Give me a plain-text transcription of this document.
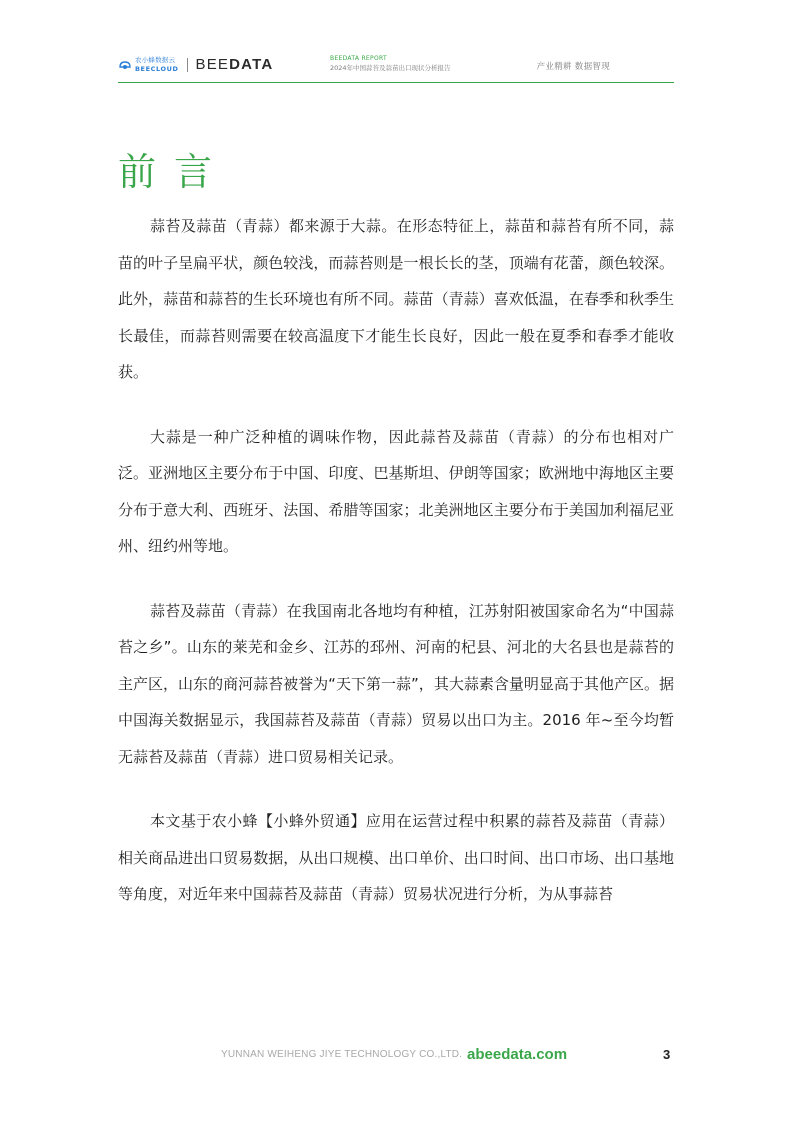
农小蜂数据云
BEECLOUD BEEDATA	BEEDATA REPORT
2024年中国蒜苔及蒜苗出口现状分析报告	产业精耕 数据智现
前言

蒜苔及蒜苗（青蒜）都来源于大蒜。在形态特征上，蒜苗和蒜苔有所不同，蒜苗的叶子呈扁平状，颜色较浅，而蒜苔则是一根长长的茎，顶端有花蕾，颜色较深。此外，蒜苗和蒜苔的生长环境也有所不同。蒜苗（青蒜）喜欢低温，在春季和秋季生长最佳，而蒜苔则需要在较高温度下才能生长良好，因此一般在夏季和春季才能收获。

大蒜是一种广泛种植的调味作物，因此蒜苔及蒜苗（青蒜）的分布也相对广泛。亚洲地区主要分布于中国、印度、巴基斯坦、伊朗等国家；欧洲地中海地区主要分布于意大利、西班牙、法国、希腊等国家；北美洲地区主要分布于美国加利福尼亚州、纽约州等地。

蒜苔及蒜苗（青蒜）在我国南北各地均有种植，江苏射阳被国家命名为“中国蒜苔之乡”。山东的莱芜和金乡、江苏的邳州、河南的杞县、河北的大名县也是蒜苔的主产区，山东的商河蒜苔被誉为“天下第一蒜”，其大蒜素含量明显高于其他产区。据中国海关数据显示，我国蒜苔及蒜苗（青蒜）贸易以出口为主。2016 年~至今均暂无蒜苔及蒜苗（青蒜）进口贸易相关记录。

本文基于农小蜂【小蜂外贸通】应用在运营过程中积累的蒜苔及蒜苗（青蒜）相关商品进出口贸易数据，从出口规模、出口单价、出口时间、出口市场、出口基地等角度，对近年来中国蒜苔及蒜苗（青蒜）贸易状况进行分析，为从事蒜苔

YUNNAN WEIHENG JIYE TECHNOLOGY CO.,LTD. abeedata.com	3
